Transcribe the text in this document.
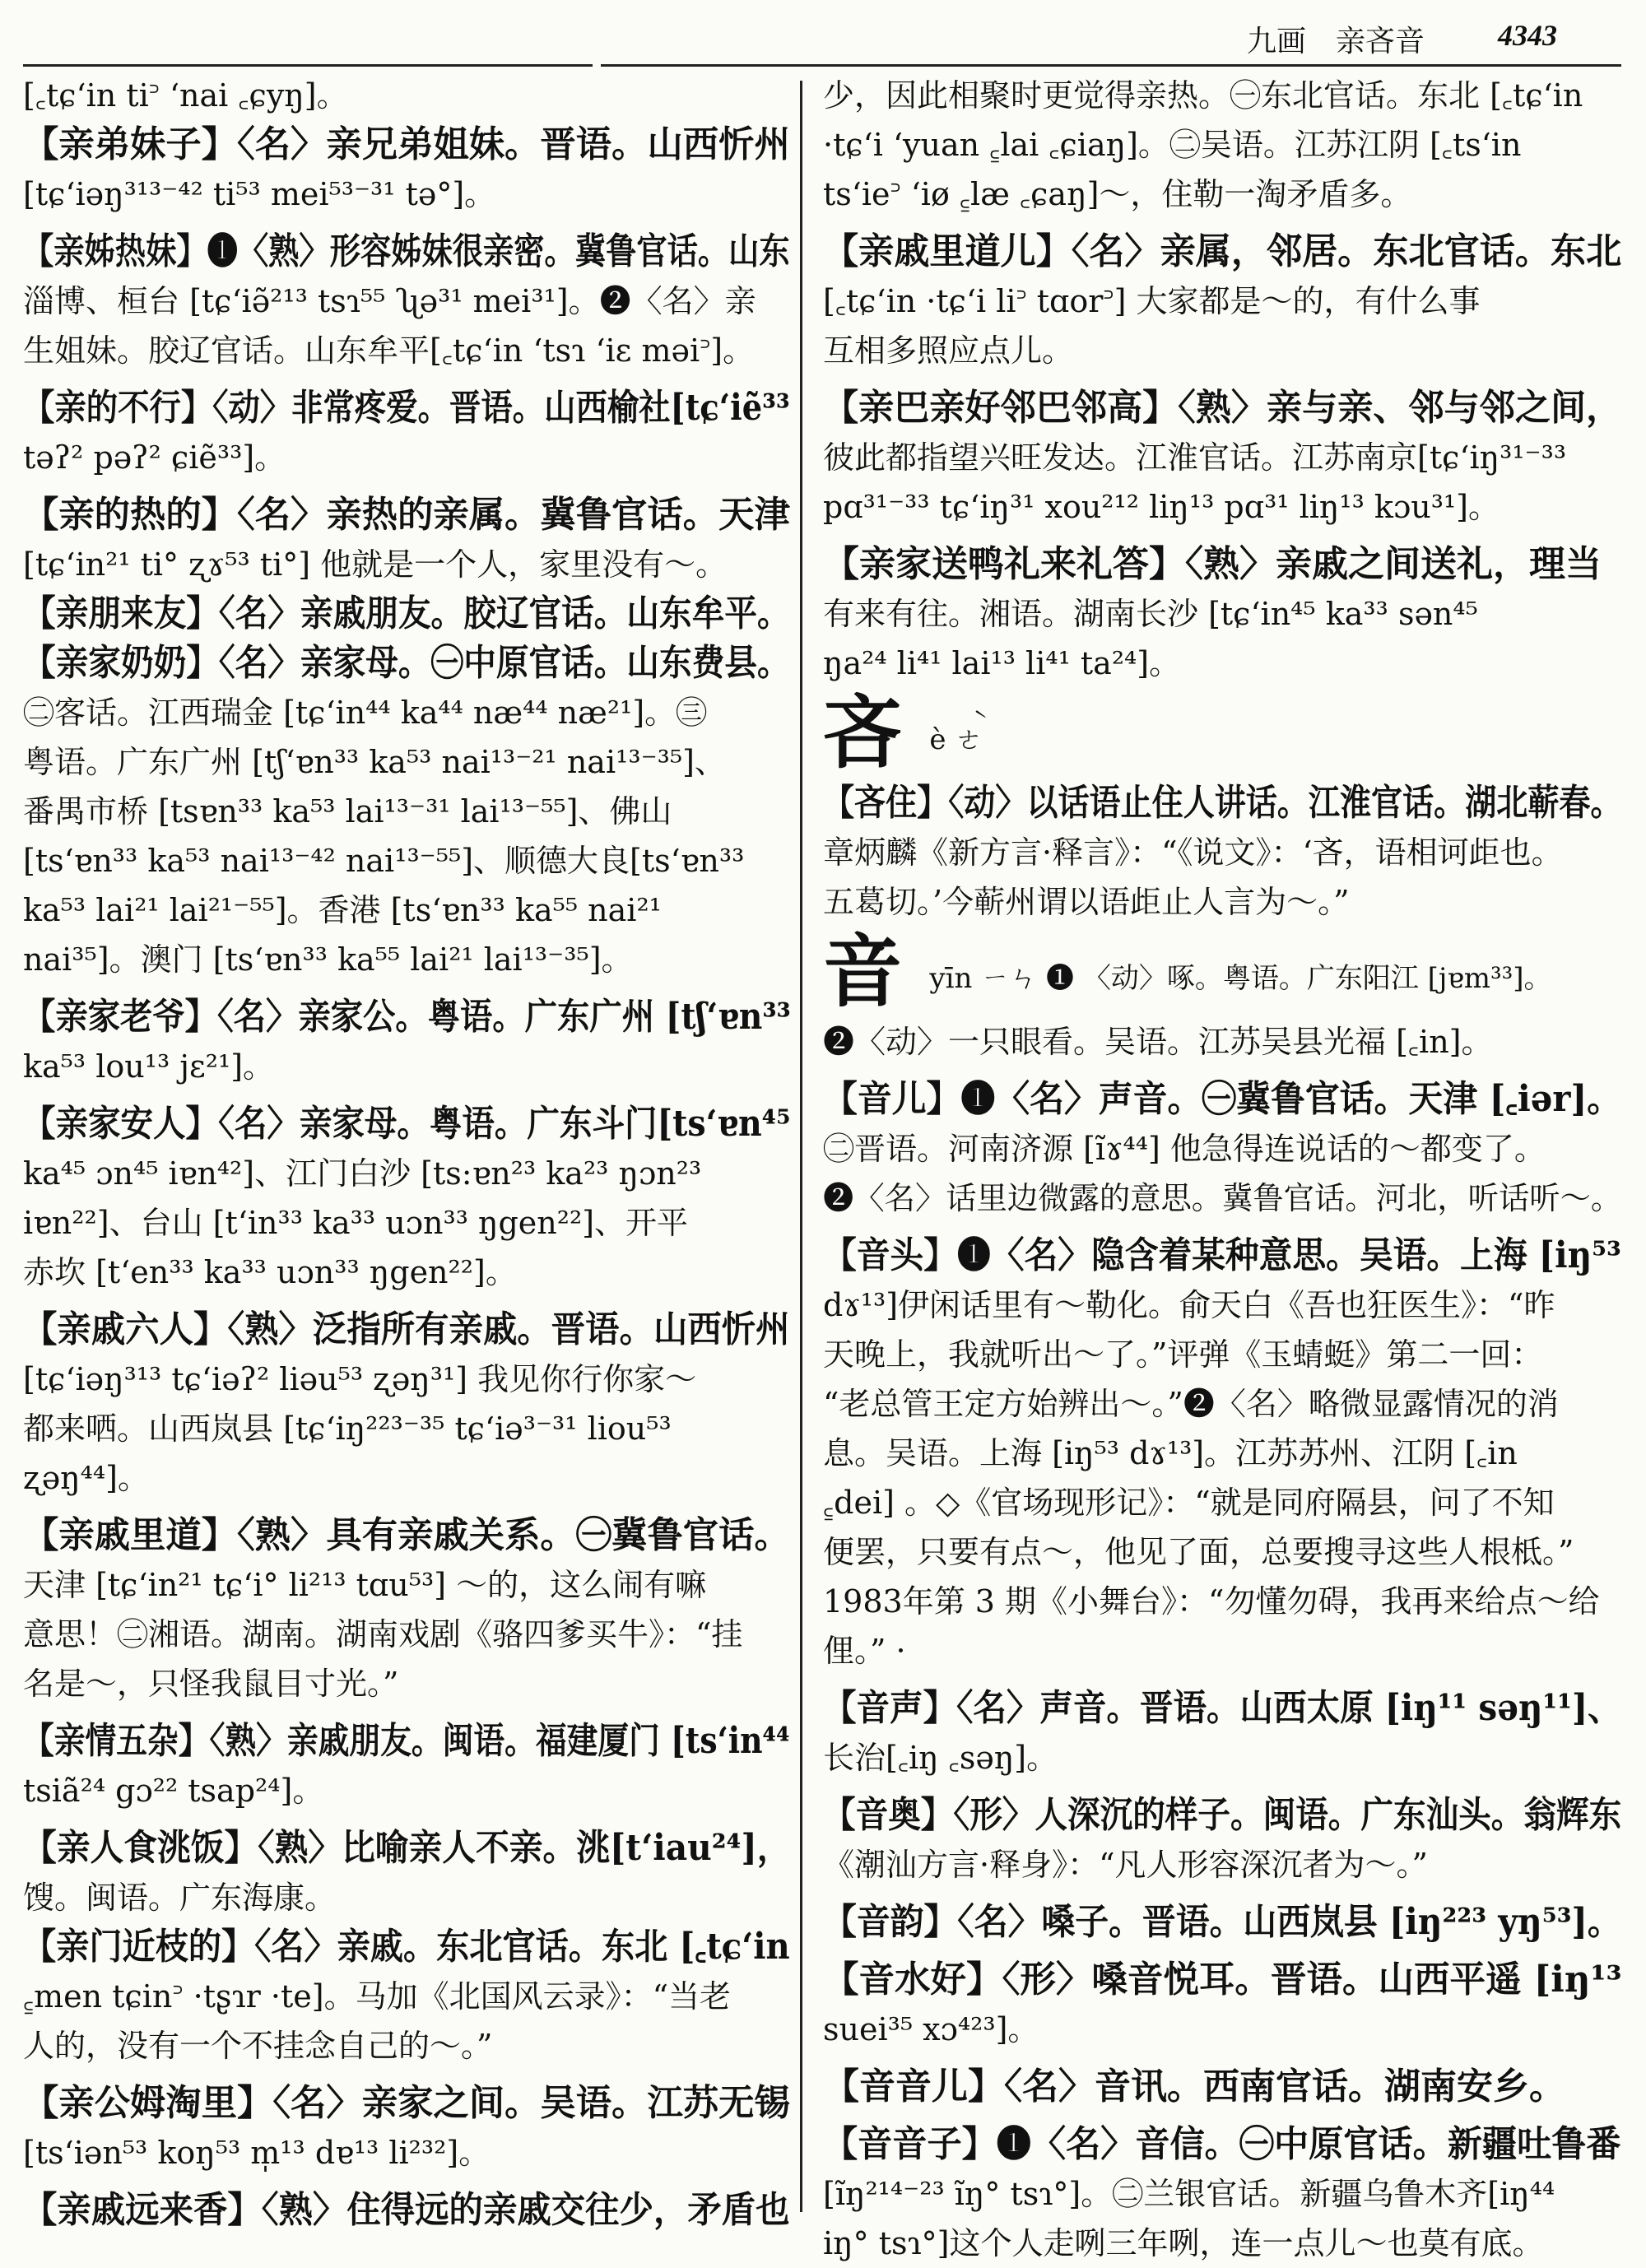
九画　亲吝音 4343
[꜀tɕ‘in ti꜄ ‘nai ꜀ɕyŋ]。
【亲弟妹子】〈名〉亲兄弟姐妹。晋语。山西忻州
[tɕ‘iəŋ³¹³⁻⁴² ti⁵³ mei⁵³⁻³¹ tə°]。
【亲姊热妹】❶〈熟〉形容姊妹很亲密。冀鲁官话。山东
淄博、桓台 [tɕ‘iə̃²¹³ tsɿ⁵⁵ ʯə³¹ mei³¹]。❷〈名〉亲
生姐妹。胶辽官话。山东牟平[꜀tɕ‘in ‘tsɿ ‘iɛ məi꜄]。
【亲的不行】〈动〉非常疼爱。晋语。山西榆社[tɕ‘iẽ³³
təʔ² pəʔ² ɕiẽ³³]。
【亲的热的】〈名〉亲热的亲属。冀鲁官话。天津
[tɕ‘in²¹ ti° ʐɤ⁵³ ti°] 他就是一个人，家里没有～。
【亲朋来友】〈名〉亲戚朋友。胶辽官话。山东牟平。
【亲家奶奶】〈名〉亲家母。㊀中原官话。山东费县。
㊁客话。江西瑞金 [tɕ‘in⁴⁴ ka⁴⁴ næ⁴⁴ næ²¹]。㊂
粤语。广东广州 [tʃ‘ɐn³³ ka⁵³ nai¹³⁻²¹ nai¹³⁻³⁵]、
番禺市桥 [tsɐn³³ ka⁵³ lai¹³⁻³¹ lai¹³⁻⁵⁵]、佛山
[ts‘ɐn³³ ka⁵³ nai¹³⁻⁴² nai¹³⁻⁵⁵]、顺德大良[ts‘ɐn³³
ka⁵³ lai²¹ lai²¹⁻⁵⁵]。香港 [ts‘ɐn³³ ka⁵⁵ nai²¹
nai³⁵]。澳门 [ts‘ɐn³³ ka⁵⁵ lai²¹ lai¹³⁻³⁵]。
【亲家老爷】〈名〉亲家公。粤语。广东广州 [tʃ‘ɐn³³
ka⁵³ lou¹³ jɛ²¹]。
【亲家安人】〈名〉亲家母。粤语。广东斗门[ts‘ɐn⁴⁵
ka⁴⁵ ɔn⁴⁵ iɐn⁴²]、江门白沙 [ts:ɐn²³ ka²³ ŋɔn²³
iɐn²²]、台山 [t‘in³³ ka³³ uɔn³³ ŋgen²²]、开平
赤坎 [t‘en³³ ka³³ uɔn³³ ŋgen²²]。
【亲戚六人】〈熟〉泛指所有亲戚。晋语。山西忻州
[tɕ‘iəŋ³¹³ tɕ‘iəʔ² liəu⁵³ ʐəŋ³¹] 我见你行你家～
都来哂。山西岚县 [tɕ‘iŋ²²³⁻³⁵ tɕ‘iə³⁻³¹ liou⁵³
ʐəŋ⁴⁴]。
【亲戚里道】〈熟〉具有亲戚关系。㊀冀鲁官话。
天津 [tɕ‘in²¹ tɕ‘i° li²¹³ tɑu⁵³] ～的，这么闹有嘛
意思！㊁湘语。湖南。湖南戏剧《骆四爹买牛》：“挂
名是～，只怪我鼠目寸光。”
【亲情五杂】〈熟〉亲戚朋友。闽语。福建厦门 [ts‘in⁴⁴
tsiã²⁴ gɔ²² tsap²⁴]。
【亲人食洮饭】〈熟〉比喻亲人不亲。洮[t‘iau²⁴]，
馊。闽语。广东海康。
【亲门近枝的】〈名〉亲戚。东北官话。东北 [꜀tɕ‘in
꜁men tɕin꜄ ·tʂɿr ·te]。马加《北国风云录》：“当老
人的，没有一个不挂念自己的～。”
【亲公姆淘里】〈名〉亲家之间。吴语。江苏无锡
[ts‘iən⁵³ koŋ⁵³ m̩¹³ dɐ¹³ li²³²]。
【亲戚远来香】〈熟〉住得远的亲戚交往少，矛盾也
少，因此相聚时更觉得亲热。㊀东北官话。东北 [꜀tɕ‘in
·tɕ‘i ‘yuan ꜁lai ꜀ɕiaŋ]。㊁吴语。江苏江阴 [꜀ts‘in
ts‘ie꜄ ‘iø ꜁læ ꜀ɕaŋ]～，住勒一淘矛盾多。
【亲戚里道儿】〈名〉亲属，邻居。东北官话。东北
[꜀tɕ‘in ·tɕ‘i li꜄ tɑor꜄] 大家都是～的，有什么事
互相多照应点儿。
【亲巴亲好邻巴邻高】〈熟〉亲与亲、邻与邻之间，
彼此都指望兴旺发达。江淮官话。江苏南京[tɕ‘iŋ³¹⁻³³
pɑ³¹⁻³³ tɕ‘iŋ³¹ xou²¹² liŋ¹³ pɑ³¹ liŋ¹³ kɔu³¹]。
【亲家送鸭礼来礼答】〈熟〉亲戚之间送礼，理当
有来有往。湘语。湖南长沙 [tɕ‘in⁴⁵ ka³³ sən⁴⁵
ŋa²⁴ li⁴¹ lai¹³ li⁴¹ ta²⁴]。
吝 è ㄜ̀
【吝住】〈动〉以话语止住人讲话。江淮官话。湖北蕲春。
章炳麟《新方言·释言》：“《说文》：‘吝，语相诃歫也。
五葛切。’今蕲州谓以语歫止人言为～。”
音 yīn ㄧㄣ ❶ 〈动〉啄。粤语。广东阳江 [jɐm³³]。
❷〈动〉一只眼看。吴语。江苏吴县光福 [꜀in]。
【音儿】❶〈名〉声音。㊀冀鲁官话。天津 [꜀iər]。
㊁晋语。河南济源 [ĩɤ⁴⁴] 他急得连说话的～都变了。
❷〈名〉话里边微露的意思。冀鲁官话。河北，听话听～。
【音头】❶〈名〉隐含着某种意思。吴语。上海 [iŋ⁵³
dɤ¹³]伊闲话里有～勒化。俞天白《吾也狂医生》：“昨
天晚上，我就听出～了。”评弹《玉蜻蜓》第二一回：
“老总管王定方始辨出～。”❷〈名〉略微显露情况的消
息。吴语。上海 [iŋ⁵³ dɤ¹³]。江苏苏州、江阴 [꜀in
꜁dei] 。◇《官场现形记》：“就是同府隔县，问了不知
便罢，只要有点～，他见了面，总要搜寻这些人根柢。”
1983年第 3 期《小舞台》：“勿懂勿碍，我再来给点～给
俚。” ·
【音声】〈名〉声音。晋语。山西太原 [iŋ¹¹ səŋ¹¹]、
长治[꜀iŋ ꜀səŋ]。
【音奥】〈形〉人深沉的样子。闽语。广东汕头。翁辉东
《潮汕方言·释身》：“凡人形容深沉者为～。”
【音韵】〈名〉嗓子。晋语。山西岚县 [iŋ²²³ yŋ⁵³]。
【音水好】〈形〉嗓音悦耳。晋语。山西平遥 [iŋ¹³
suei³⁵ xɔ⁴²³]。
【音音儿】〈名〉音讯。西南官话。湖南安乡。
【音音子】❶〈名〉音信。㊀中原官话。新疆吐鲁番
[ĩŋ²¹⁴⁻²³ ĩŋ° tsɿ°]。㊁兰银官话。新疆乌鲁木齐[iŋ⁴⁴
iŋ° tsɿ°]这个人走咧三年咧，连一点儿～也莫有底。
